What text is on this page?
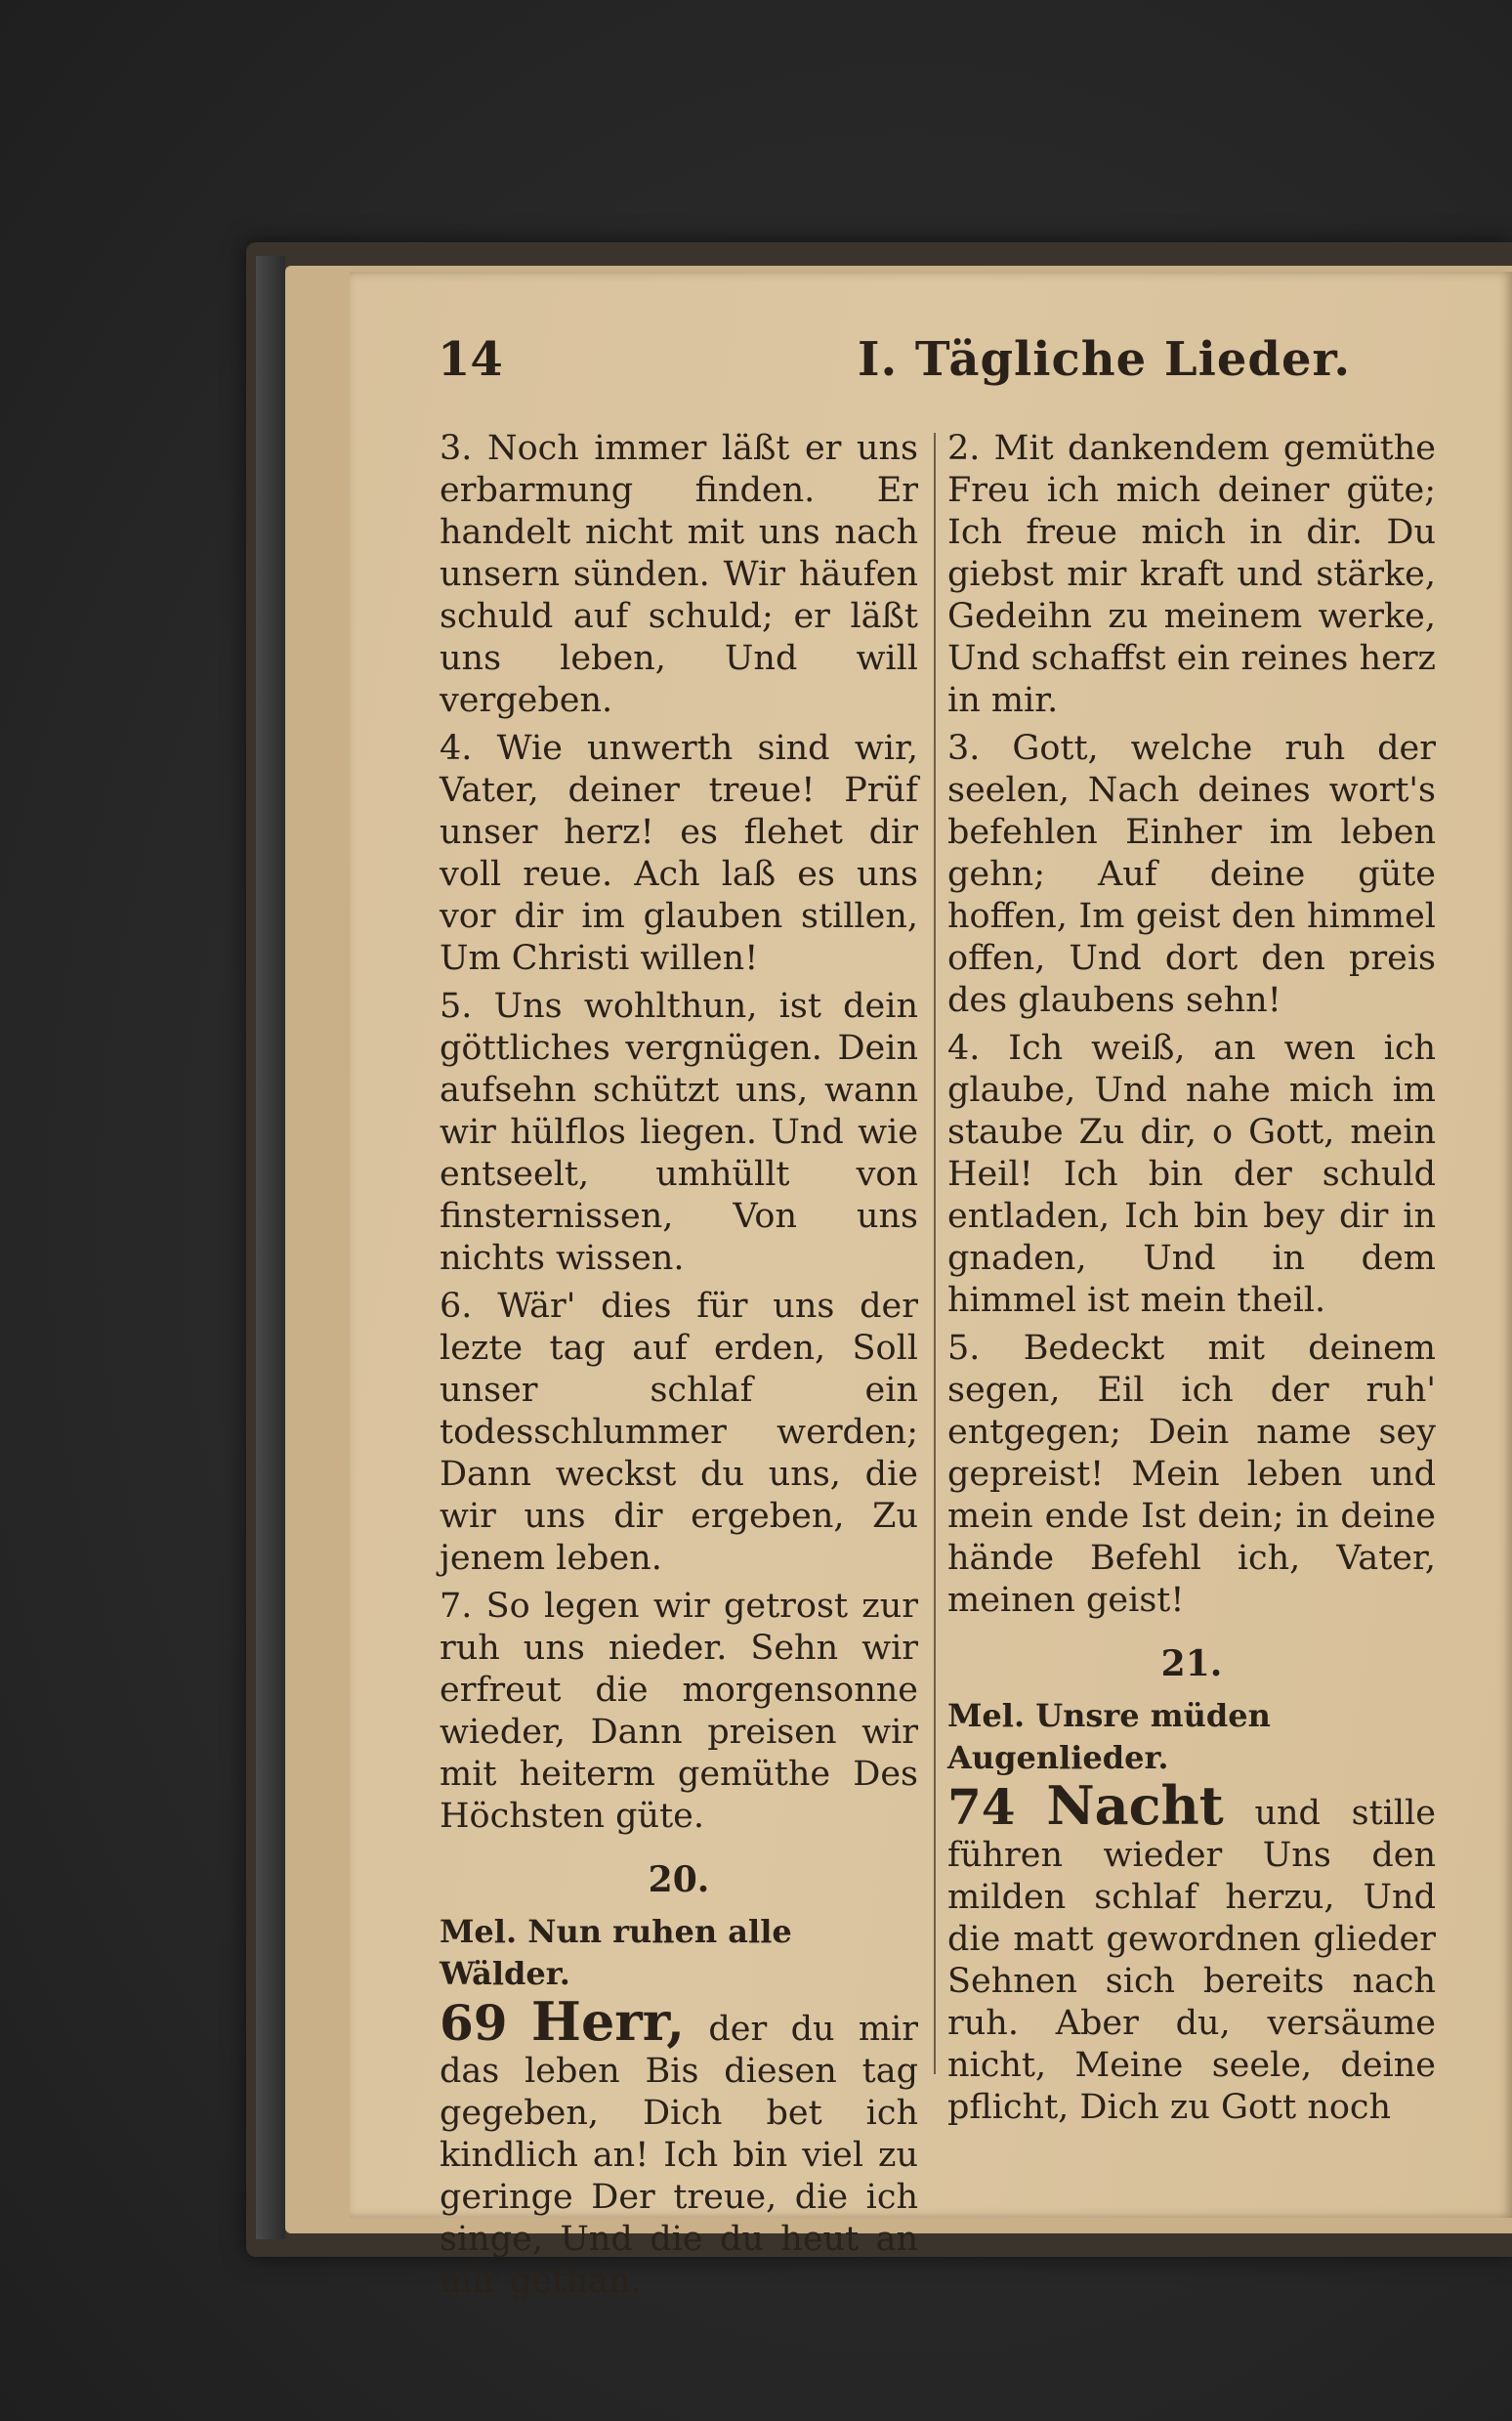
14	I. Tägliche Lieder.

3. Noch immer läßt er uns erbarmung finden. Er handelt nicht mit uns nach unsern sünden. Wir häufen schuld auf schuld; er läßt uns leben, Und will vergeben.

4. Wie unwerth sind wir, Vater, deiner treue! Prüf unser herz! es flehet dir voll reue. Ach laß es uns vor dir im glauben stillen, Um Christi willen!

5. Uns wohlthun, ist dein göttliches vergnügen. Dein aufsehn schützt uns, wann wir hülflos liegen. Und wie entseelt, umhüllt von finsternissen, Von uns nichts wissen.

6. Wär' dies für uns der lezte tag auf erden, Soll unser schlaf ein todesschlummer werden; Dann weckst du uns, die wir uns dir ergeben, Zu jenem leben.

7. So legen wir getrost zur ruh uns nieder. Sehn wir erfreut die morgensonne wieder, Dann preisen wir mit heiterm gemüthe Des Höchsten güte.

20.
Mel. Nun ruhen alle Wälder.

69 Herr, der du mir das leben Bis diesen tag gegeben, Dich bet ich kindlich an! Ich bin viel zu geringe Der treue, die ich singe, Und die du heut an mir gethan.

2. Mit dankendem gemüthe Freu ich mich deiner güte; Ich freue mich in dir. Du giebst mir kraft und stärke, Gedeihn zu meinem werke, Und schaffst ein reines herz in mir.

3. Gott, welche ruh der seelen, Nach deines wort's befehlen Einher im leben gehn; Auf deine güte hoffen, Im geist den himmel offen, Und dort den preis des glaubens sehn!

4. Ich weiß, an wen ich glaube, Und nahe mich im staube Zu dir, o Gott, mein Heil! Ich bin der schuld entladen, Ich bin bey dir in gnaden, Und in dem himmel ist mein theil.

5. Bedeckt mit deinem segen, Eil ich der ruh' entgegen; Dein name sey gepreist! Mein leben und mein ende Ist dein; in deine hände Befehl ich, Vater, meinen geist!

21.
Mel. Unsre müden Augenlieder.

74 Nacht und stille führen wieder Uns den milden schlaf herzu, Und die matt gewordnen glieder Sehnen sich bereits nach ruh. Aber du, versäume nicht, Meine seele, deine pflicht, Dich zu Gott noch
